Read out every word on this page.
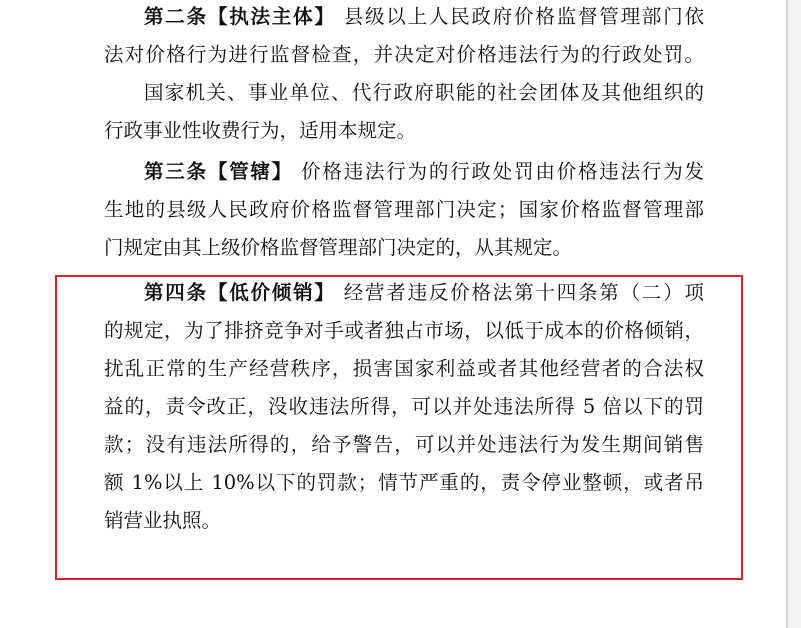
第二条【执法主体】 县级以上人民政府价格监督管理部门依
法对价格行为进行监督检查，并决定对价格违法行为的行政处罚。
国家机关、事业单位、代行政府职能的社会团体及其他组织的
行政事业性收费行为，适用本规定。
第三条【管辖】 价格违法行为的行政处罚由价格违法行为发
生地的县级人民政府价格监督管理部门决定；国家价格监督管理部
门规定由其上级价格监督管理部门决定的，从其规定。
第四条【低价倾销】 经营者违反价格法第十四条第（二）项
的规定，为了排挤竞争对手或者独占市场，以低于成本的价格倾销，
扰乱正常的生产经营秩序，损害国家利益或者其他经营者的合法权
益的，责令改正，没收违法所得，可以并处违法所得 5 倍以下的罚
款；没有违法所得的，给予警告，可以并处违法行为发生期间销售
额 1%以上 10%以下的罚款；情节严重的，责令停业整顿，或者吊
销营业执照。
